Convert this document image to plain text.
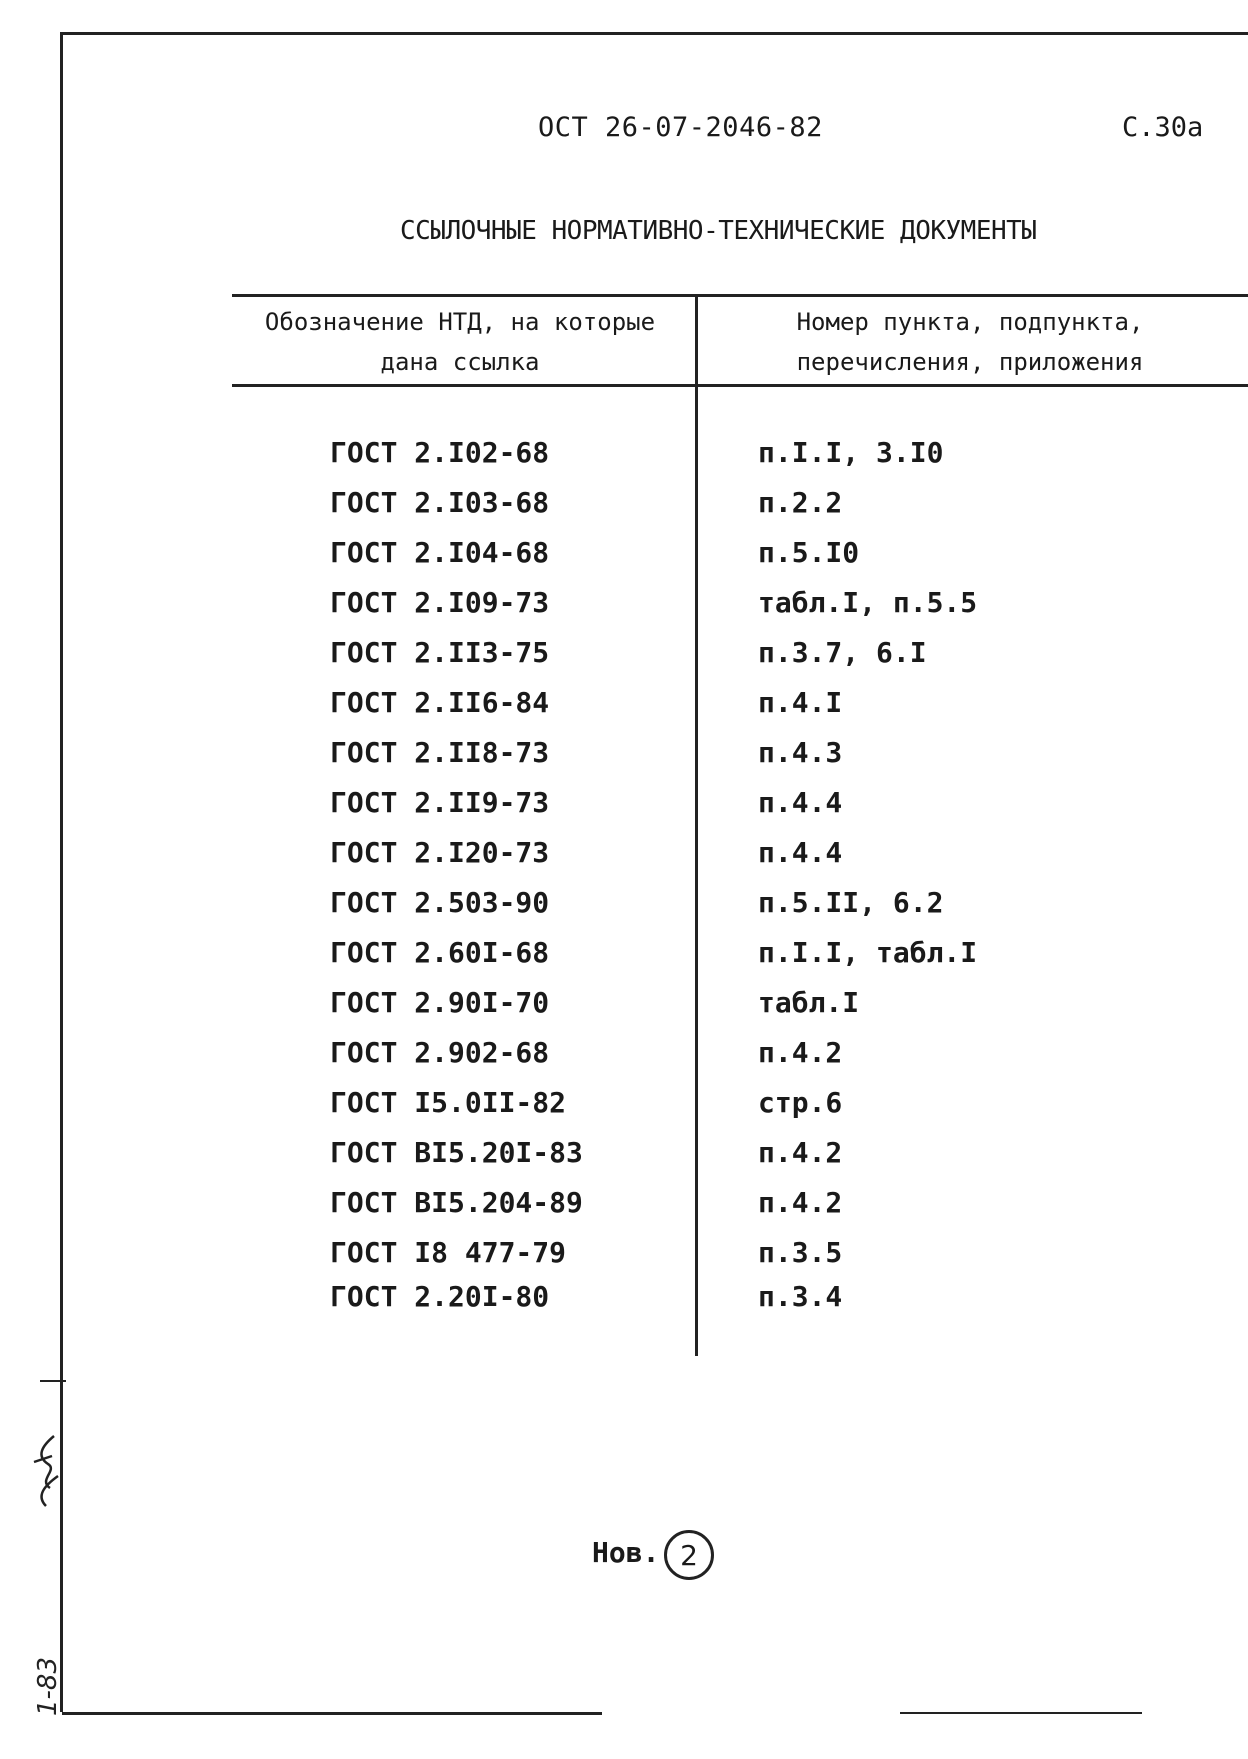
ОСТ 26-07-2046-82	С.30а
ССЫЛОЧНЫЕ НОРМАТИВНО-ТЕХНИЧЕСКИЕ ДОКУМЕНТЫ
Обозначение НТД, на которые дана ссылка
Номер пункта, подпункта, перечисления, приложения
ГОСТ 2.I02-68	п.I.I, 3.I0
ГОСТ 2.I03-68	п.2.2
ГОСТ 2.I04-68	п.5.I0
ГОСТ 2.I09-73	табл.I, п.5.5
ГОСТ 2.II3-75	п.3.7, 6.I
ГОСТ 2.II6-84	п.4.I
ГОСТ 2.II8-73	п.4.3
ГОСТ 2.II9-73	п.4.4
ГОСТ 2.I20-73	п.4.4
ГОСТ 2.503-90	п.5.II, 6.2
ГОСТ 2.60I-68	п.I.I, табл.I
ГОСТ 2.90I-70	табл.I
ГОСТ 2.902-68	п.4.2
ГОСТ I5.0II-82	стр.6
ГОСТ ВI5.20I-83	п.4.2
ГОСТ ВI5.204-89	п.4.2
ГОСТ I8 477-79	п.3.5
ГОСТ 2.20I-80	п.3.4
Нов. 2
1-83
